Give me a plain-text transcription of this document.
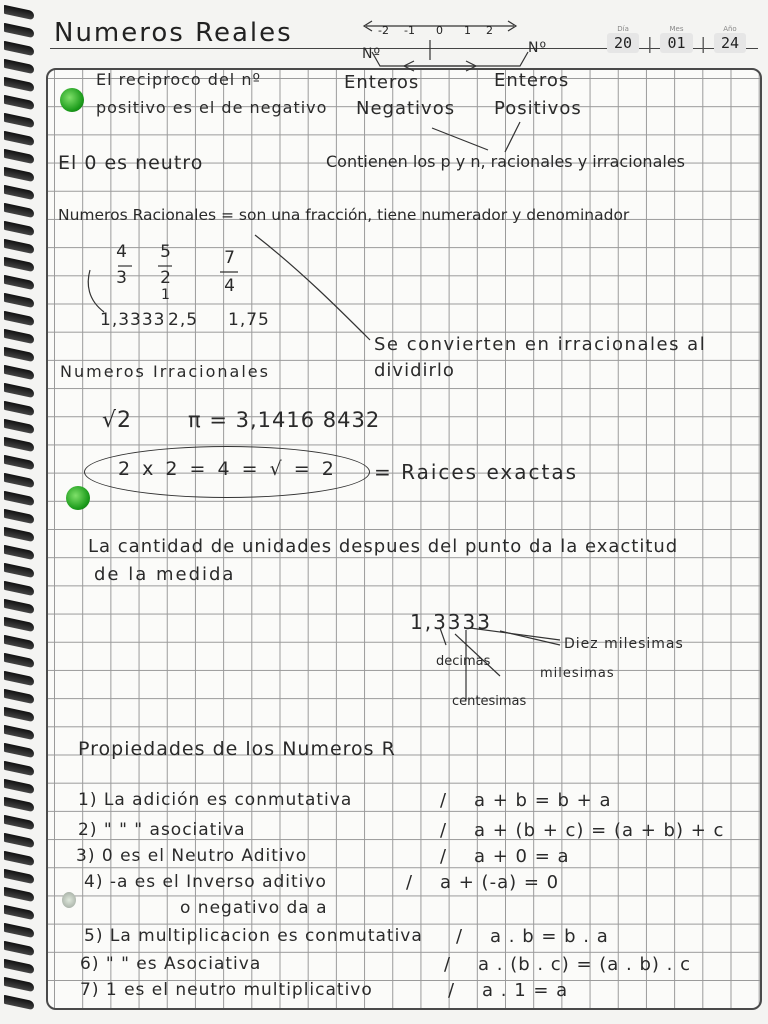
Numeros Reales	-2 -1 0 1 2	Día
20 |
Mes
01 |
Año
24
El reciproco del nº
positivo es el de negativo
Nº	Nº
Enteros
Negativos
Enteros
Positivos
El 0 es neutro	Contienen los p y n, racionales y irracionales
Numeros Racionales = son una fracción, tiene numerador y denominador
4
3
1,3333
5
2
1
2,5
7
4
1,75
Se convierten en irracionales al
dividirlo
Numeros Irracionales
√2	π = 3,1416 8432
2 x 2 = 4 = √ = 2 = Raices exactas
La cantidad de unidades despues del punto da la exactitud
de la medida
1,3333
Diez milesimas
decimas
milesimas
centesimas
Propiedades de los Numeros R
1) La adición es conmutativa	/ a + b = b + a
2) " " " asociativa	/ a + (b + c) = (a + b) + c
3) 0 es el Neutro Aditivo	/ a + 0 = a
4) -a es el Inverso aditivo	/ a + (-a) = 0
o negativo da a
5) La multiplicacion es conmutativa / a . b = b . a
6) " " es Asociativa	/ a . (b . c) = (a . b) . c
7) 1 es el neutro multiplicativo	/ a . 1 = a
